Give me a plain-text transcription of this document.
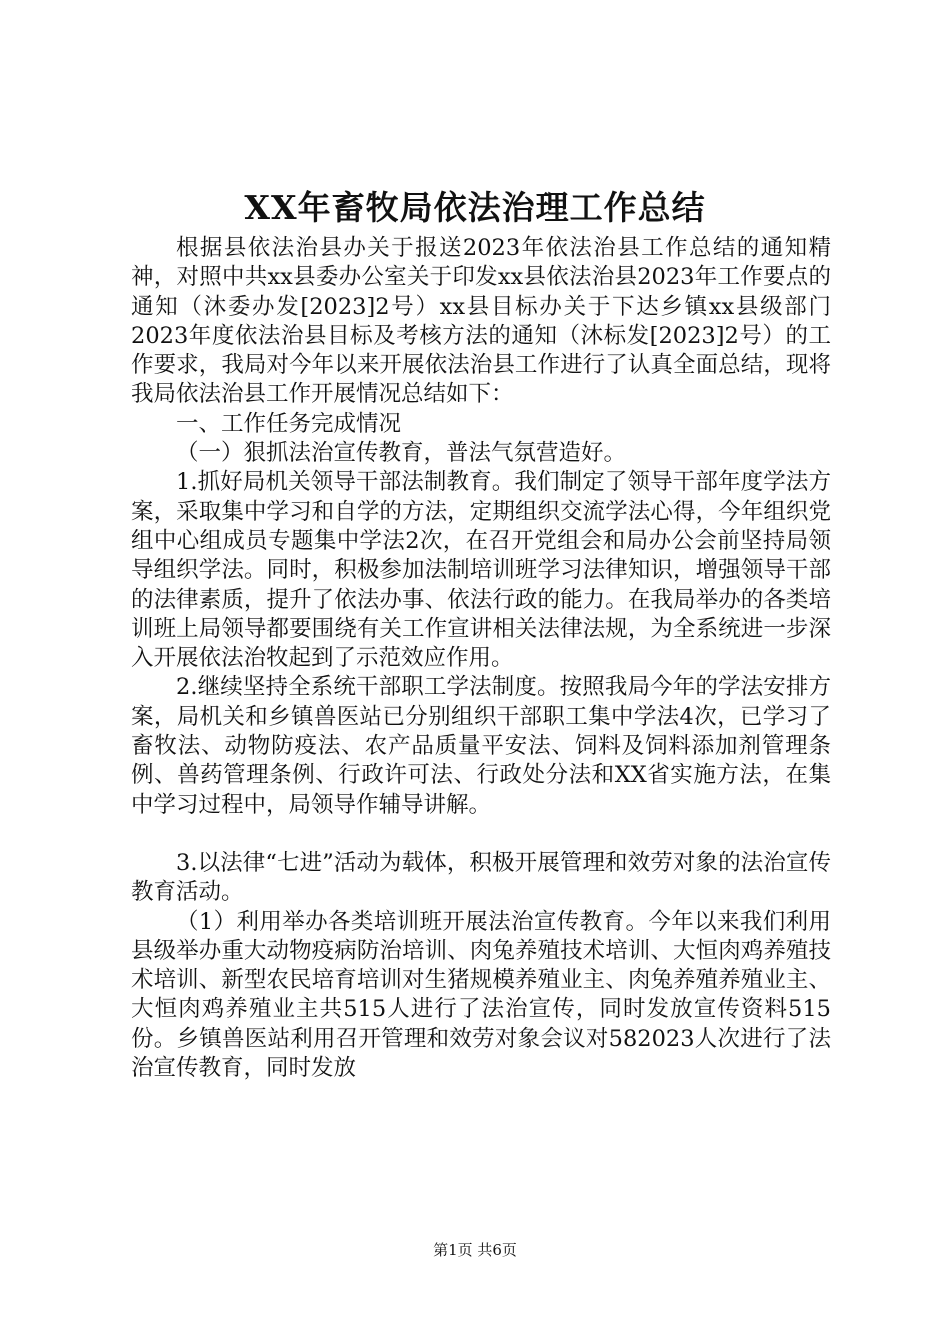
XX年畜牧局依法治理工作总结

根据县依法治县办关于报送2023年依法治县工作总结的通知精神，对照中共xx县委办公室关于印发xx县依法治县2023年工作要点的通知（沐委办发[2023]2号）xx县目标办关于下达乡镇xx县级部门2023年度依法治县目标及考核方法的通知（沐标发[2023]2号）的工作要求，我局对今年以来开展依法治县工作进行了认真全面总结，现将我局依法治县工作开展情况总结如下：

一、工作任务完成情况

（一）狠抓法治宣传教育，普法气氛营造好。

1.抓好局机关领导干部法制教育。我们制定了领导干部年度学法方案，采取集中学习和自学的方法，定期组织交流学法心得，今年组织党组中心组成员专题集中学法2次，在召开党组会和局办公会前坚持局领导组织学法。同时，积极参加法制培训班学习法律知识，增强领导干部的法律素质，提升了依法办事、依法行政的能力。在我局举办的各类培训班上局领导都要围绕有关工作宣讲相关法律法规，为全系统进一步深入开展依法治牧起到了示范效应作用。

2.继续坚持全系统干部职工学法制度。按照我局今年的学法安排方案，局机关和乡镇兽医站已分别组织干部职工集中学法4次，已学习了畜牧法、动物防疫法、农产品质量平安法、饲料及饲料添加剂管理条例、兽药管理条例、行政许可法、行政处分法和XX省实施方法，在集中学习过程中，局领导作辅导讲解。

3.以法律“七进”活动为载体，积极开展管理和效劳对象的法治宣传教育活动。

（1）利用举办各类培训班开展法治宣传教育。今年以来我们利用县级举办重大动物疫病防治培训、肉兔养殖技术培训、大恒肉鸡养殖技术培训、新型农民培育培训对生猪规模养殖业主、肉兔养殖养殖业主、大恒肉鸡养殖业主共515人进行了法治宣传，同时发放宣传资料515份。乡镇兽医站利用召开管理和效劳对象会议对582023人次进行了法治宣传教育，同时发放

第1页 共6页
